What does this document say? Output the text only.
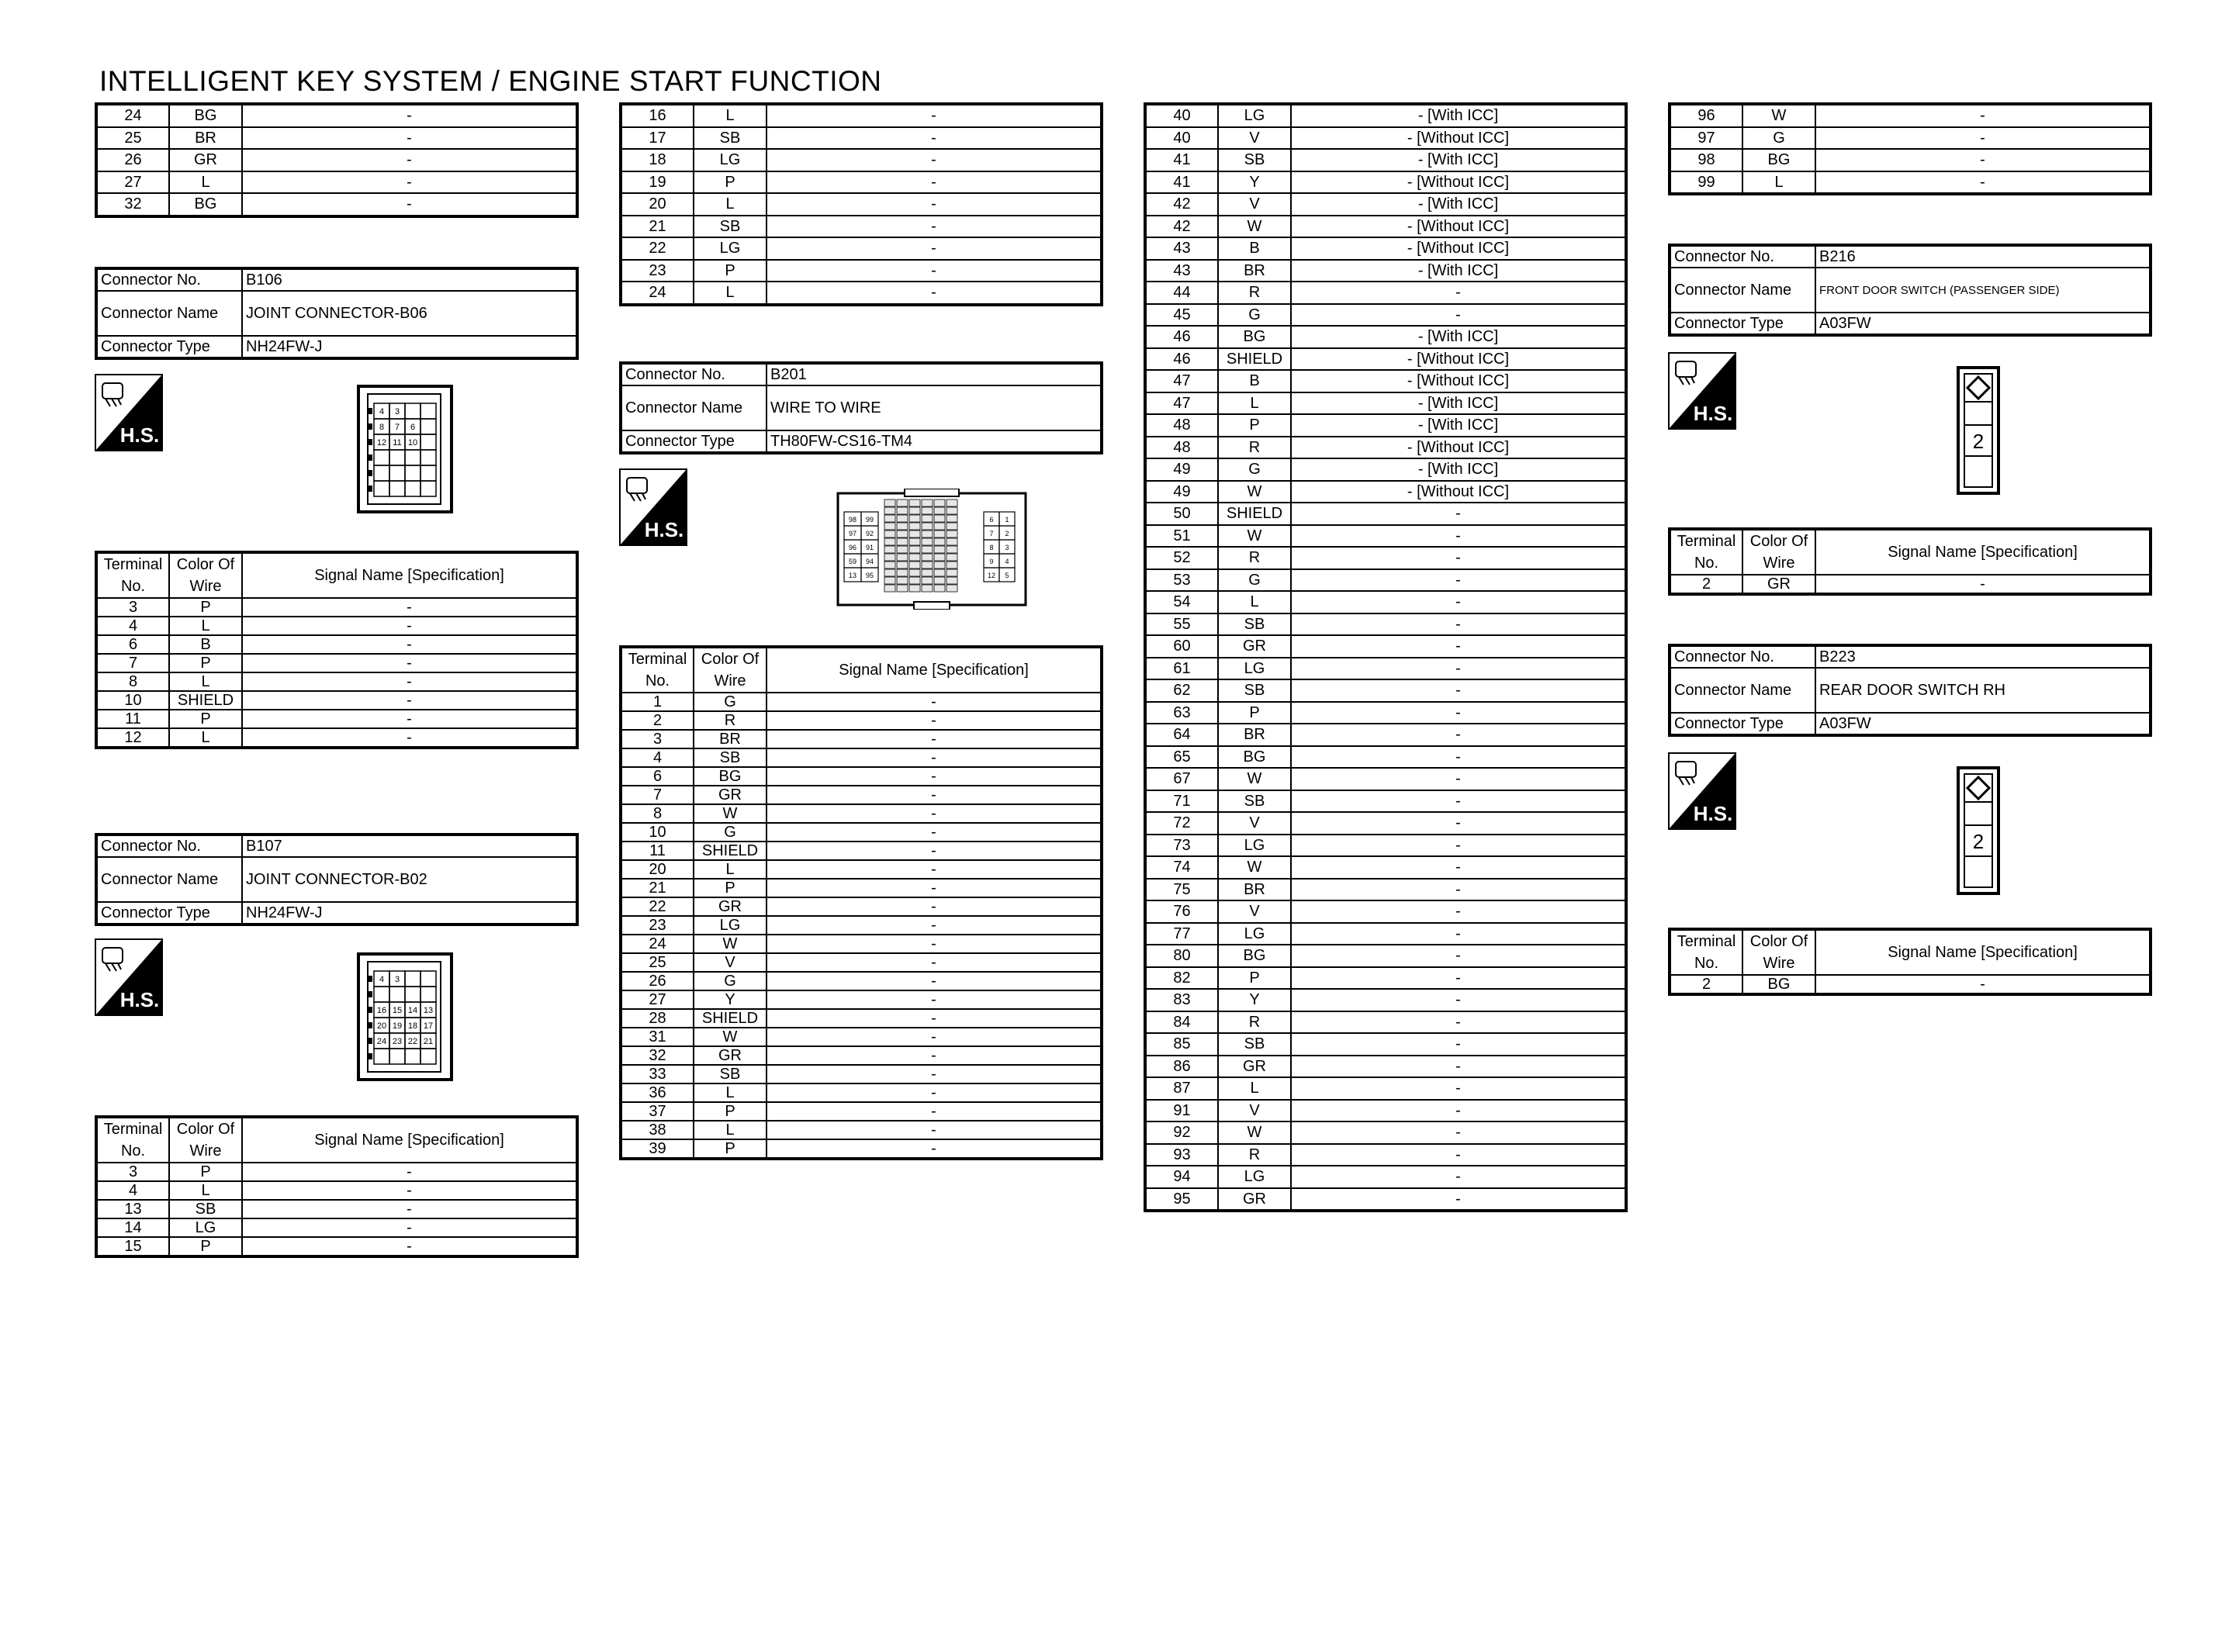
INTELLIGENT KEY SYSTEM / ENGINE START FUNCTION
24	BG	-
25	BR	-
26	GR	-
27	L	-
32	BG	-
Connector No.	B106
Connector Name	JOINT CONNECTOR-B06
Connector Type	NH24FW-J
H.S.
4 3
8 7 6
12 11 10
Terminal No.	Color Of Wire	Signal Name [Specification]
3	P	-
4	L	-
6	B	-
7	P	-
8	L	-
10	SHIELD	-
11	P	-
12	L	-
Connector No.	B107
Connector Name	JOINT CONNECTOR-B02
Connector Type	NH24FW-J
H.S.
4 3
16 15 14 13
20 19 18 17
24 23 22 21
Terminal No.	Color Of Wire	Signal Name [Specification]
3	P	-
4	L	-
13	SB	-
14	LG	-
15	P	-
16	L	-
17	SB	-
18	LG	-
19	P	-
20	L	-
21	SB	-
22	LG	-
23	P	-
24	L	-
Connector No.	B201
Connector Name	WIRE TO WIRE
Connector Type	TH80FW-CS16-TM4
H.S.	98 99
97 92
96 91
59 94
13 95
6 1
7 2
8 3
9 4
12 5
Terminal No.	Color Of Wire	Signal Name [Specification]
1	G	-
2	R	-
3	BR	-
4	SB	-
6	BG	-
7	GR	-
8	W	-
10	G	-
11	SHIELD	-
20	L	-
21	P	-
22	GR	-
23	LG	-
24	W	-
25	V	-
26	G	-
27	Y	-
28	SHIELD	-
31	W	-
32	GR	-
33	SB	-
36	L	-
37	P	-
38	L	-
39	P	-
40	LG	- [With ICC]
40	V	- [Without ICC]
41	SB	- [With ICC]
41	Y	- [Without ICC]
42	V	- [With ICC]
42	W	- [Without ICC]
43	B	- [Without ICC]
43	BR	- [With ICC]
44	R	-
45	G	-
46	BG	- [With ICC]
46	SHIELD	- [Without ICC]
47	B	- [Without ICC]
47	L	- [With ICC]
48	P	- [With ICC]
48	R	- [Without ICC]
49	G	- [With ICC]
49	W	- [Without ICC]
50	SHIELD	-
51	W	-
52	R	-
53	G	-
54	L	-
55	SB	-
60	GR	-
61	LG	-
62	SB	-
63	P	-
64	BR	-
65	BG	-
67	W	-
71	SB	-
72	V	-
73	LG	-
74	W	-
75	BR	-
76	V	-
77	LG	-
80	BG	-
82	P	-
83	Y	-
84	R	-
85	SB	-
86	GR	-
87	L	-
91	V	-
92	W	-
93	R	-
94	LG	-
95	GR	-
96	W	-
97	G	-
98	BG	-
99	L	-
Connector No.	B216
Connector Name	FRONT DOOR SWITCH (PASSENGER SIDE)
Connector Type	A03FW
H.S.
2
Terminal No.	Color Of Wire	Signal Name [Specification]
2	GR	-
Connector No.	B223
Connector Name	REAR DOOR SWITCH RH
Connector Type	A03FW
H.S.
2
Terminal No.	Color Of Wire	Signal Name [Specification]
2	BG	-
